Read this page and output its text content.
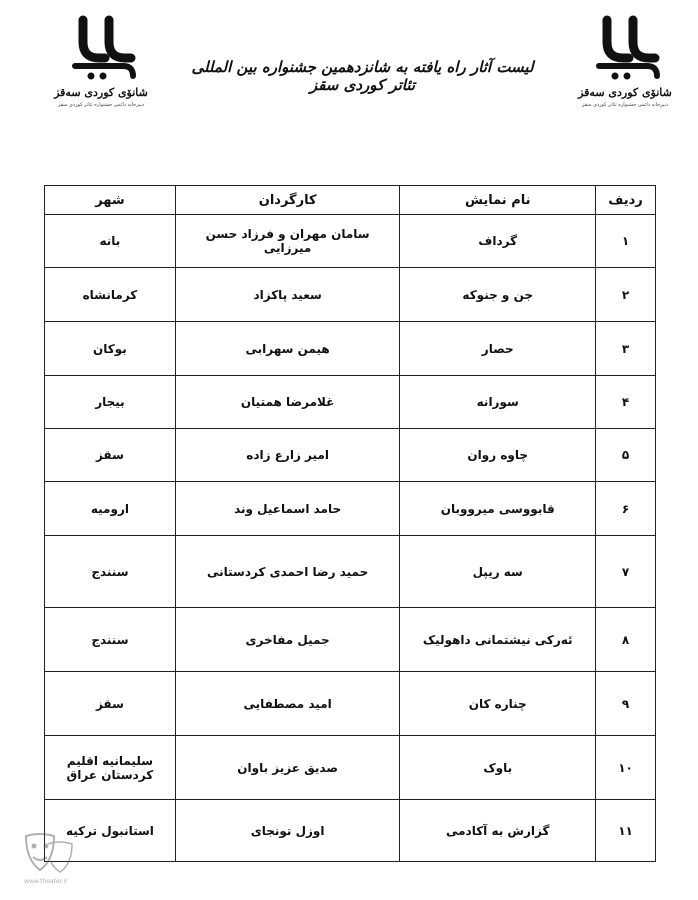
شانۆی کوردی سەقز
دبیرخانه دائمی جشنواره تئاتر کوردی سقز
لیست آثار راه یافته به شانزدهمین جشنواره بین المللی تئاتر کوردی سقز	شانۆی کوردی سەقز
دبیرخانه دائمی جشنواره تئاتر کوردی سقز
ردیف	نام نمایش	کارگردان	شهر
۱	گرداف	سامان مهران و فرزاد حسن میرزایی	بانه
۲	جن و جنوکه	سعید پاکزاد	کرمانشاه
۳	حصار	هیمن سهرابی	بوکان
۴	سورانه	غلامرضا همتیان	بیجار
۵	چاوه روان	امیر زارع زاده	سقز
۶	قابووسی میرووبان	حامد اسماعیل وند	ارومیه
۷	سه ریپل	حمید رضا احمدی کردستانی	سنندج
۸	ئەرکی نیشتمانی داهولیک	جمیل مفاخری	سنندج
۹	چناره کان	امید مصطفایی	سقز
۱۰	باوک	صدیق عزیز باوان	سلیمانیه اقلیم کردستان عراق
۱۱	گزارش به آکادمی	اوزل تونجای	استانبول ترکیه
www.theater.ir
